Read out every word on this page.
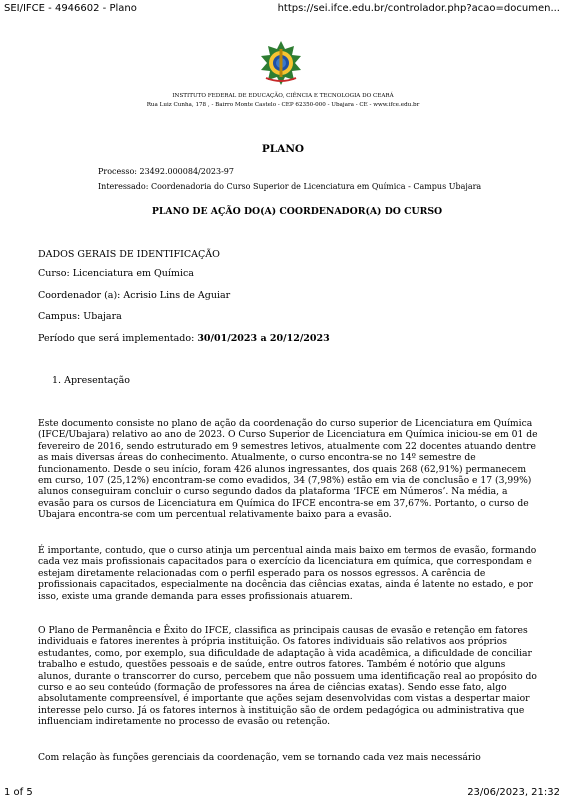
SEI/IFCE - 4946602 - Plano	https://sei.ifce.edu.br/controlador.php?acao=documen...
INSTITUTO FEDERAL DE EDUCAÇÃO, CIÊNCIA E TECNOLOGIA DO CEARÁ
Rua Luiz Cunha, 178 , - Bairro Monte Castelo - CEP 62350-000 - Ubajara - CE - www.ifce.edu.br
PLANO
Processo: 23492.000084/2023-97
Interessado: Coordenadoria do Curso Superior de Licenciatura em Química - Campus Ubajara
PLANO DE AÇÃO DO(A) COORDENADOR(A) DO CURSO
DADOS GERAIS DE IDENTIFICAÇÃO
Curso: Licenciatura em Química
Coordenador (a): Acrisio Lins de Aguiar
Campus: Ubajara
Período que será implementado: 30/01/2023 a 20/12/2023
1. Apresentação

Este documento consiste no plano de ação da coordenação do curso superior de Licenciatura em Química (IFCE/Ubajara) relativo ao ano de 2023. O Curso Superior de Licenciatura em Química iniciou-se em 01 de fevereiro de 2016, sendo estruturado em 9 semestres letivos, atualmente com 22 docentes atuando dentre as mais diversas áreas do conhecimento. Atualmente, o curso encontra-se no 14º semestre de funcionamento. Desde o seu início, foram 426 alunos ingressantes, dos quais 268 (62,91%) permanecem em curso, 107 (25,12%) encontram-se como evadidos, 34 (7,98%) estão em via de conclusão e 17 (3,99%) alunos conseguiram concluir o curso segundo dados da plataforma ‘IFCE em Números’. Na média, a evasão para os cursos de Licenciatura em Química do IFCE encontra-se em 37,67%. Portanto, o curso de Ubajara encontra-se com um percentual relativamente baixo para a evasão.

É importante, contudo, que o curso atinja um percentual ainda mais baixo em termos de evasão, formando cada vez mais profissionais capacitados para o exercício da licenciatura em química, que correspondam e estejam diretamente relacionadas com o perfil esperado para os nossos egressos. A carência de profissionais capacitados, especialmente na docência das ciências exatas, ainda é latente no estado, e por isso, existe uma grande demanda para esses profissionais atuarem.

O Plano de Permanência e Êxito do IFCE, classifica as principais causas de evasão e retenção em fatores individuais e fatores inerentes à própria instituição. Os fatores individuais são relativos aos próprios estudantes, como, por exemplo, sua dificuldade de adaptação à vida acadêmica, a dificuldade de conciliar trabalho e estudo, questões pessoais e de saúde, entre outros fatores. Também é notório que alguns alunos, durante o transcorrer do curso, percebem que não possuem uma identificação real ao propósito do curso e ao seu conteúdo (formação de professores na área de ciências exatas). Sendo esse fato, algo absolutamente compreensível, é importante que ações sejam desenvolvidas com vistas a despertar maior interesse pelo curso. Já os fatores internos à instituição são de ordem pedagógica ou administrativa que influenciam indiretamente no processo de evasão ou retenção.

Com relação às funções gerenciais da coordenação, vem se tornando cada vez mais necessário

1 of 5	23/06/2023, 21:32
